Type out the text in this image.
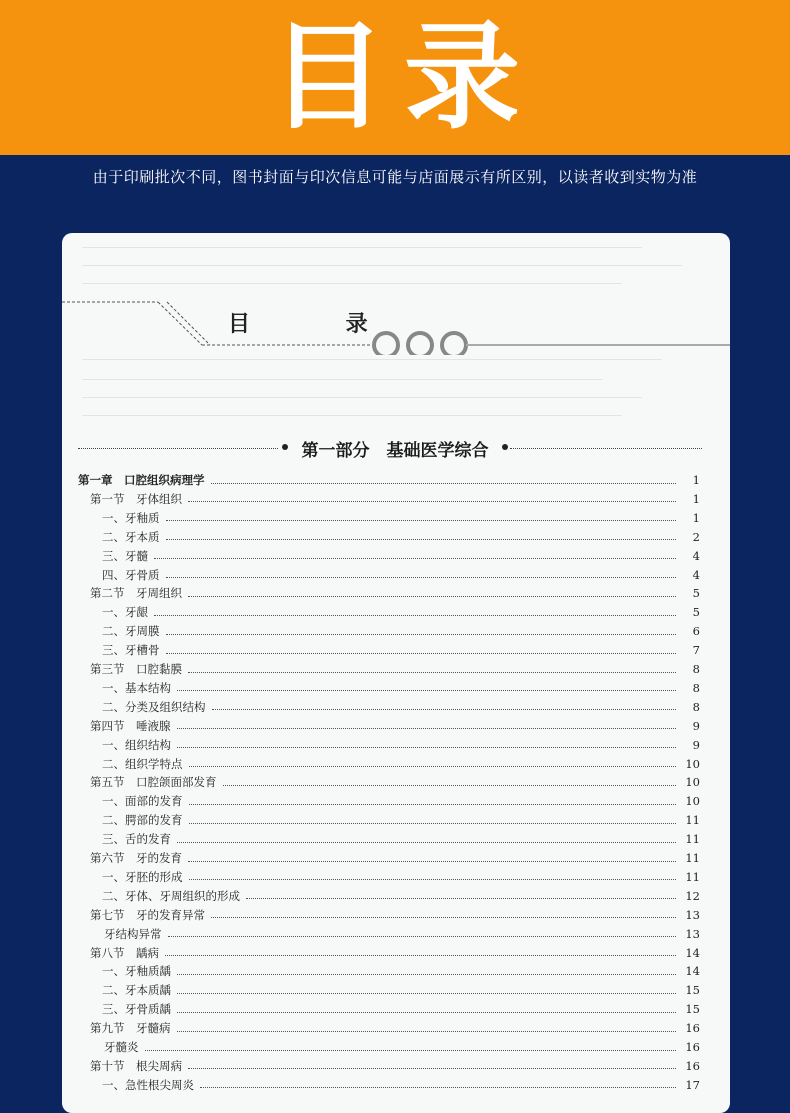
目录
由于印刷批次不同，图书封面与印次信息可能与店面展示有所区别，以读者收到实物为准
目 录
第一部分　基础医学综合
第一章　口腔组织病理学	1
第一节　牙体组织	1
一、牙釉质	1
二、牙本质	2
三、牙髓	4
四、牙骨质	4
第二节　牙周组织	5
一、牙龈	5
二、牙周膜	6
三、牙槽骨	7
第三节　口腔黏膜	8
一、基本结构	8
二、分类及组织结构	8
第四节　唾液腺	9
一、组织结构	9
二、组织学特点	10
第五节　口腔颌面部发育	10
一、面部的发育	10
二、腭部的发育	11
三、舌的发育	11
第六节　牙的发育	11
一、牙胚的形成	11
二、牙体、牙周组织的形成	12
第七节　牙的发育异常	13
牙结构异常	13
第八节　龋病	14
一、牙釉质龋	14
二、牙本质龋	15
三、牙骨质龋	15
第九节　牙髓病	16
牙髓炎	16
第十节　根尖周病	16
一、急性根尖周炎	17
